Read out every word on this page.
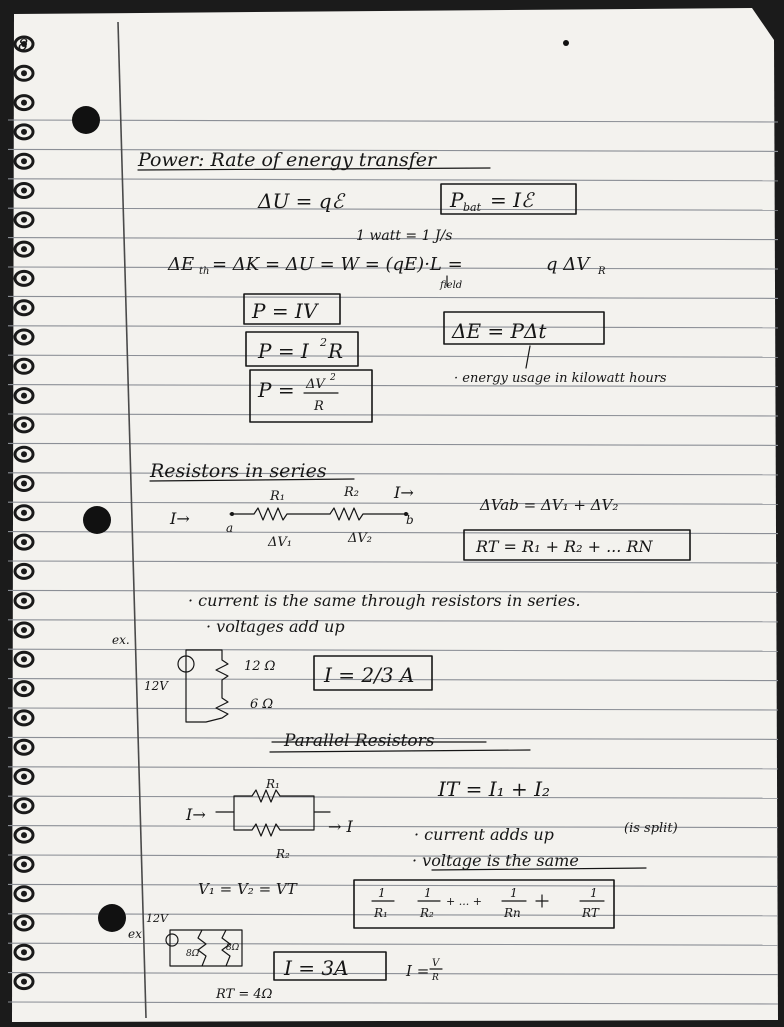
8
Power: Rate of energy transfer
ΔU = qℰ	P bat = Iℰ
1 watt = 1 J/s
ΔE th = ΔK = ΔU = W = (qE)·L =	q ΔV R
field
P = IV
P = I 2 R
P = ΔV 2
R
ΔE = PΔt
· energy usage in kilowatt hours
Resistors in series
I→	a
b
R₁	R₂ I→
ΔV₁	ΔV₂
ΔVab = ΔV₁ + ΔV₂
RT = R₁ + R₂ + ... RN
· current is the same through resistors in series.
· voltages add up
ex.
12V
12 Ω
6 Ω
I = 2/3 A
Parallel Resistors
I→
R₁
R₂
→ I
IT = I₁ + I₂
· current adds up	(is split)
· voltage is the same
V₁ = V₂ = VT	1
R₁
1
R₂
+ ... +
1
Rn
1
RT
ex
12V
8Ω
8Ω
RT = 4Ω
I = 3A	I = V
R
